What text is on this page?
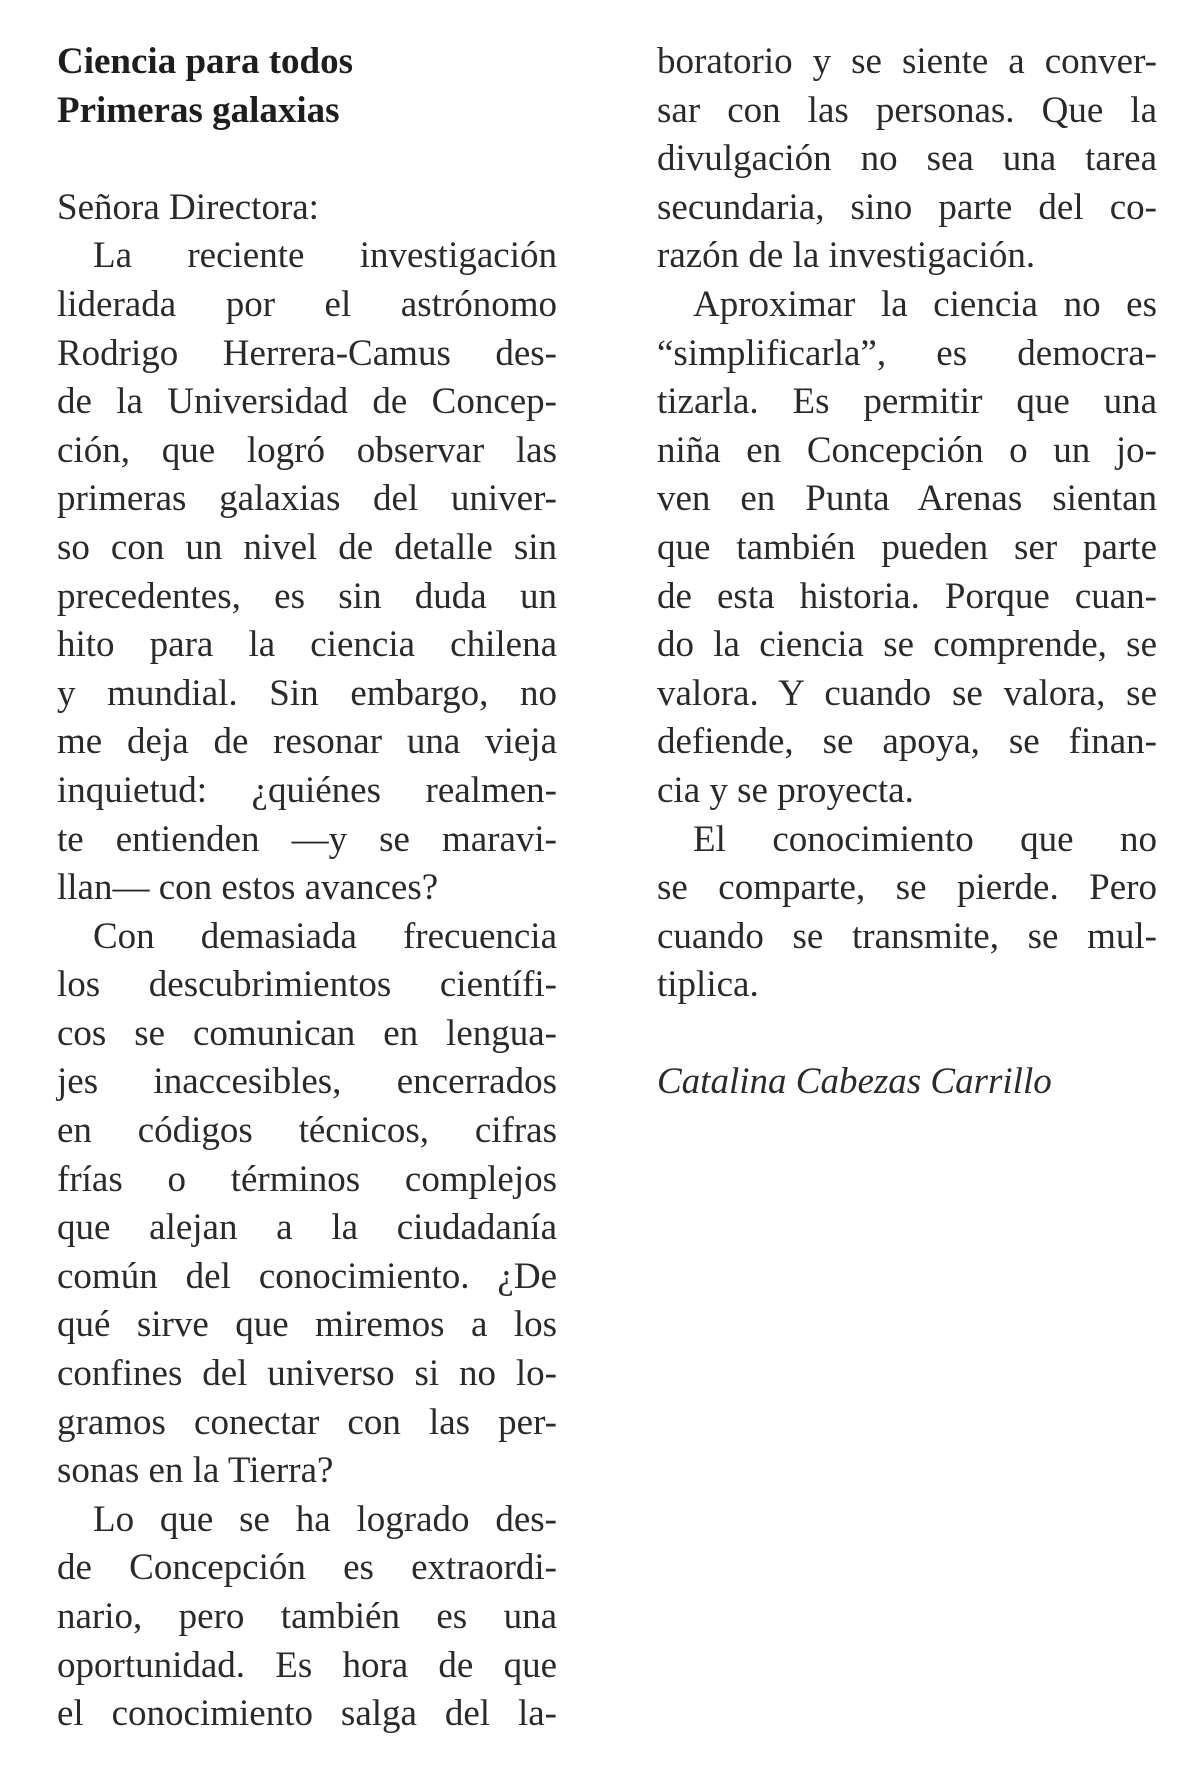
Ciencia para todos
Primeras galaxias
Señora Directora:
La reciente investigación
liderada por el astrónomo
Rodrigo Herrera-Camus des-
de la Universidad de Concep-
ción, que logró observar las
primeras galaxias del univer-
so con un nivel de detalle sin
precedentes, es sin duda un
hito para la ciencia chilena
y mundial. Sin embargo, no
me deja de resonar una vieja
inquietud: ¿quiénes realmen-
te entienden —y se maravi-
llan— con estos avances?
Con demasiada frecuencia
los descubrimientos científi-
cos se comunican en lengua-
jes inaccesibles, encerrados
en códigos técnicos, cifras
frías o términos complejos
que alejan a la ciudadanía
común del conocimiento. ¿De
qué sirve que miremos a los
confines del universo si no lo-
gramos conectar con las per-
sonas en la Tierra?
Lo que se ha logrado des-
de Concepción es extraordi-
nario, pero también es una
oportunidad. Es hora de que
el conocimiento salga del la-
boratorio y se siente a conver-
sar con las personas. Que la
divulgación no sea una tarea
secundaria, sino parte del co-
razón de la investigación.
Aproximar la ciencia no es
“simplificarla”, es democra-
tizarla. Es permitir que una
niña en Concepción o un jo-
ven en Punta Arenas sientan
que también pueden ser parte
de esta historia. Porque cuan-
do la ciencia se comprende, se
valora. Y cuando se valora, se
defiende, se apoya, se finan-
cia y se proyecta.
El conocimiento que no
se comparte, se pierde. Pero
cuando se transmite, se mul-
tiplica.
Catalina Cabezas Carrillo
